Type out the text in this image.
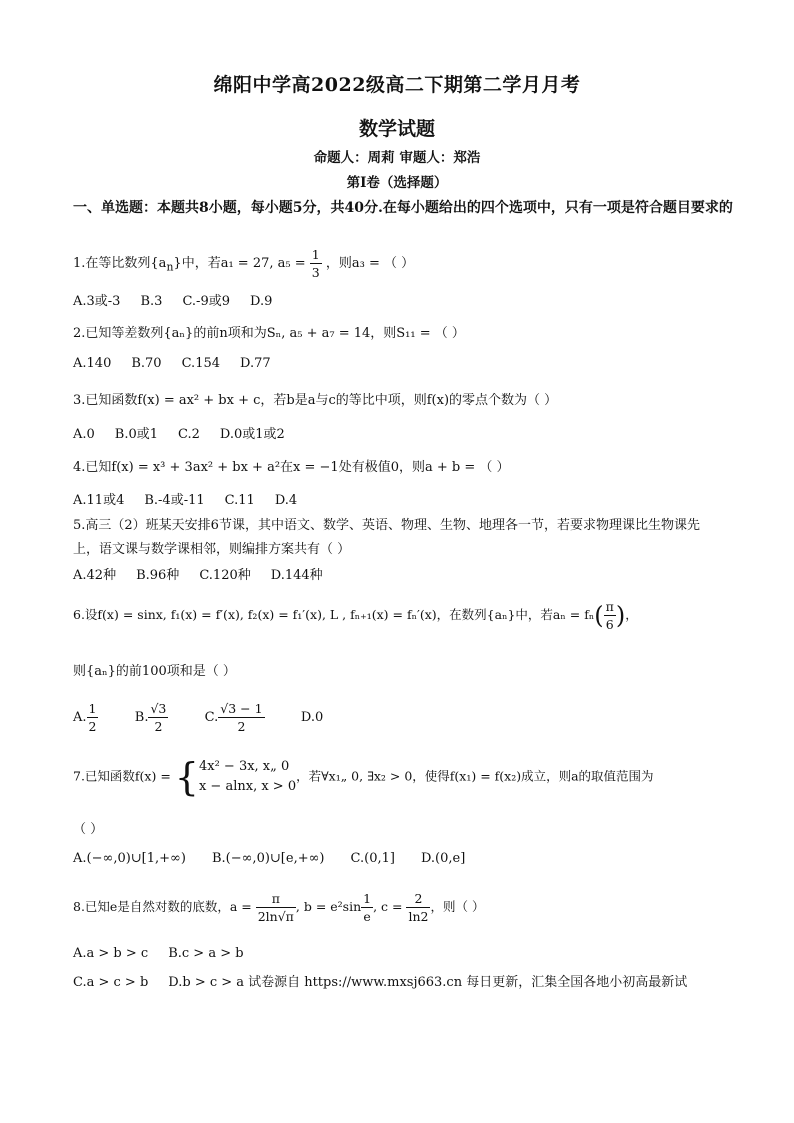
绵阳中学高2022级高二下期第二学月月考
数学试题
命题人：周莉 审题人：郑浩
第I卷（选择题）
一、单选题：本题共8小题，每小题5分，共40分.在每小题给出的四个选项中，只有一项是符合题目要求的
1.在等比数列$\{a_n\}$中，若a₁ = 27, $a_5 = \frac{1}{3}$ ，则a₃ = （ ）
A.3或-3 B.3 C.-9或9 D.9
2.已知等差数列{aₙ}的前n项和为Sₙ, a₅ + a₇ = 14，则S₁₁ = （ ）
A.140 B.70 C.154 D.77
3.已知函数f(x) = ax² + bx + c，若b是a与c的等比中项，则f(x)的零点个数为（ ）
A.0 B.0或1 C.2 D.0或1或2
4.已知f(x) = x³ + 3ax² + bx + a²在x = −1处有极值0，则a + b = （ ）
A.11或4 B.-4或-11 C.11 D.4
5.高三（2）班某天安排6节课，其中语文、数学、英语、物理、生物、地理各一节，若要求物理课比生物课先
上，语文课与数学课相邻，则编排方案共有（ ）
A.42种 B.96种 C.120种 D.144种
6.设f(x) = sinx, f₁(x) = f′(x), f₂(x) = f₁′(x), L , fₙ₊₁(x) = fₙ′(x)，在数列{aₙ}中，若$a_n = f_n( \frac{\pi}{6}$ )，
则{aₙ}的前100项和是（ ）
A. $\frac{1}{2}$	B. $\frac{√3}{2}$	C. $\frac{√3 - 1}{2}$	D.0
7.已知函数f(x) = { 4x² − 3x, x„ 0
x − alnx, x > 0
，若∀x₁„ 0, ∃x₂ > 0，使得f(x₁) = f(x₂)成立，则a的取值范围为
（ ）
A.(−∞,0)∪[1,+∞) B.(−∞,0)∪[e,+∞) C.(0,1] D.(0,e]
8.已知e是自然对数的底数，$a = \frac{\pi}{2\ln√\pi}$ , $b = e^2\sin \frac{1}{e}$ , $c = \frac{2}{\ln 2}$ ，则（ ）
A.a > b > c B.c > a > b
C.a > c > b D.b > c > a 试卷源自 https://www.mxsj663.cn 每日更新，汇集全国各地小初高最新试
